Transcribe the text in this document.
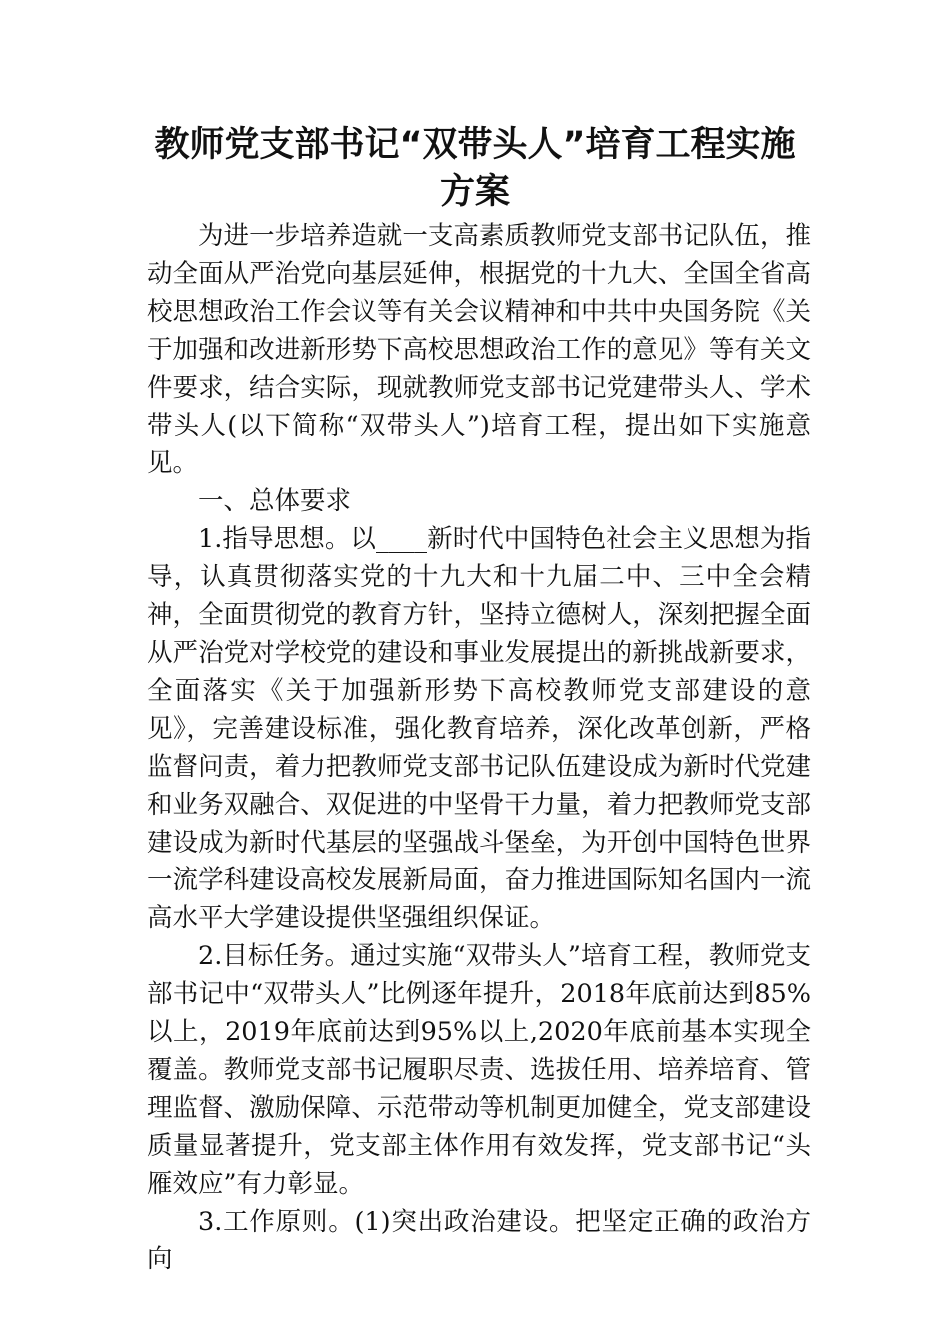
教师党支部书记“双带头人”培育工程实施
方案

为进一步培养造就一支高素质教师党支部书记队伍，推动全面从严治党向基层延伸，根据党的十九大、全国全省高校思想政治工作会议等有关会议精神和中共中央国务院《关于加强和改进新形势下高校思想政治工作的意见》等有关文件要求，结合实际，现就教师党支部书记党建带头人、学术带头人(以下简称“双带头人”)培育工程，提出如下实施意见。

一、总体要求

1.指导思想。以____新时代中国特色社会主义思想为指导，认真贯彻落实党的十九大和十九届二中、三中全会精神，全面贯彻党的教育方针，坚持立德树人，深刻把握全面从严治党对学校党的建设和事业发展提出的新挑战新要求，全面落实《关于加强新形势下高校教师党支部建设的意见》，完善建设标准，强化教育培养，深化改革创新，严格监督问责，着力把教师党支部书记队伍建设成为新时代党建和业务双融合、双促进的中坚骨干力量，着力把教师党支部建设成为新时代基层的坚强战斗堡垒，为开创中国特色世界一流学科建设高校发展新局面，奋力推进国际知名国内一流高水平大学建设提供坚强组织保证。

2.目标任务。通过实施“双带头人”培育工程，教师党支部书记中“双带头人”比例逐年提升，2018年底前达到85%以上，2019年底前达到95%以上,2020年底前基本实现全覆盖。教师党支部书记履职尽责、选拔任用、培养培育、管理监督、激励保障、示范带动等机制更加健全，党支部建设质量显著提升，党支部主体作用有效发挥，党支部书记“头雁效应”有力彰显。

3.工作原则。(1)突出政治建设。把坚定正确的政治方向
